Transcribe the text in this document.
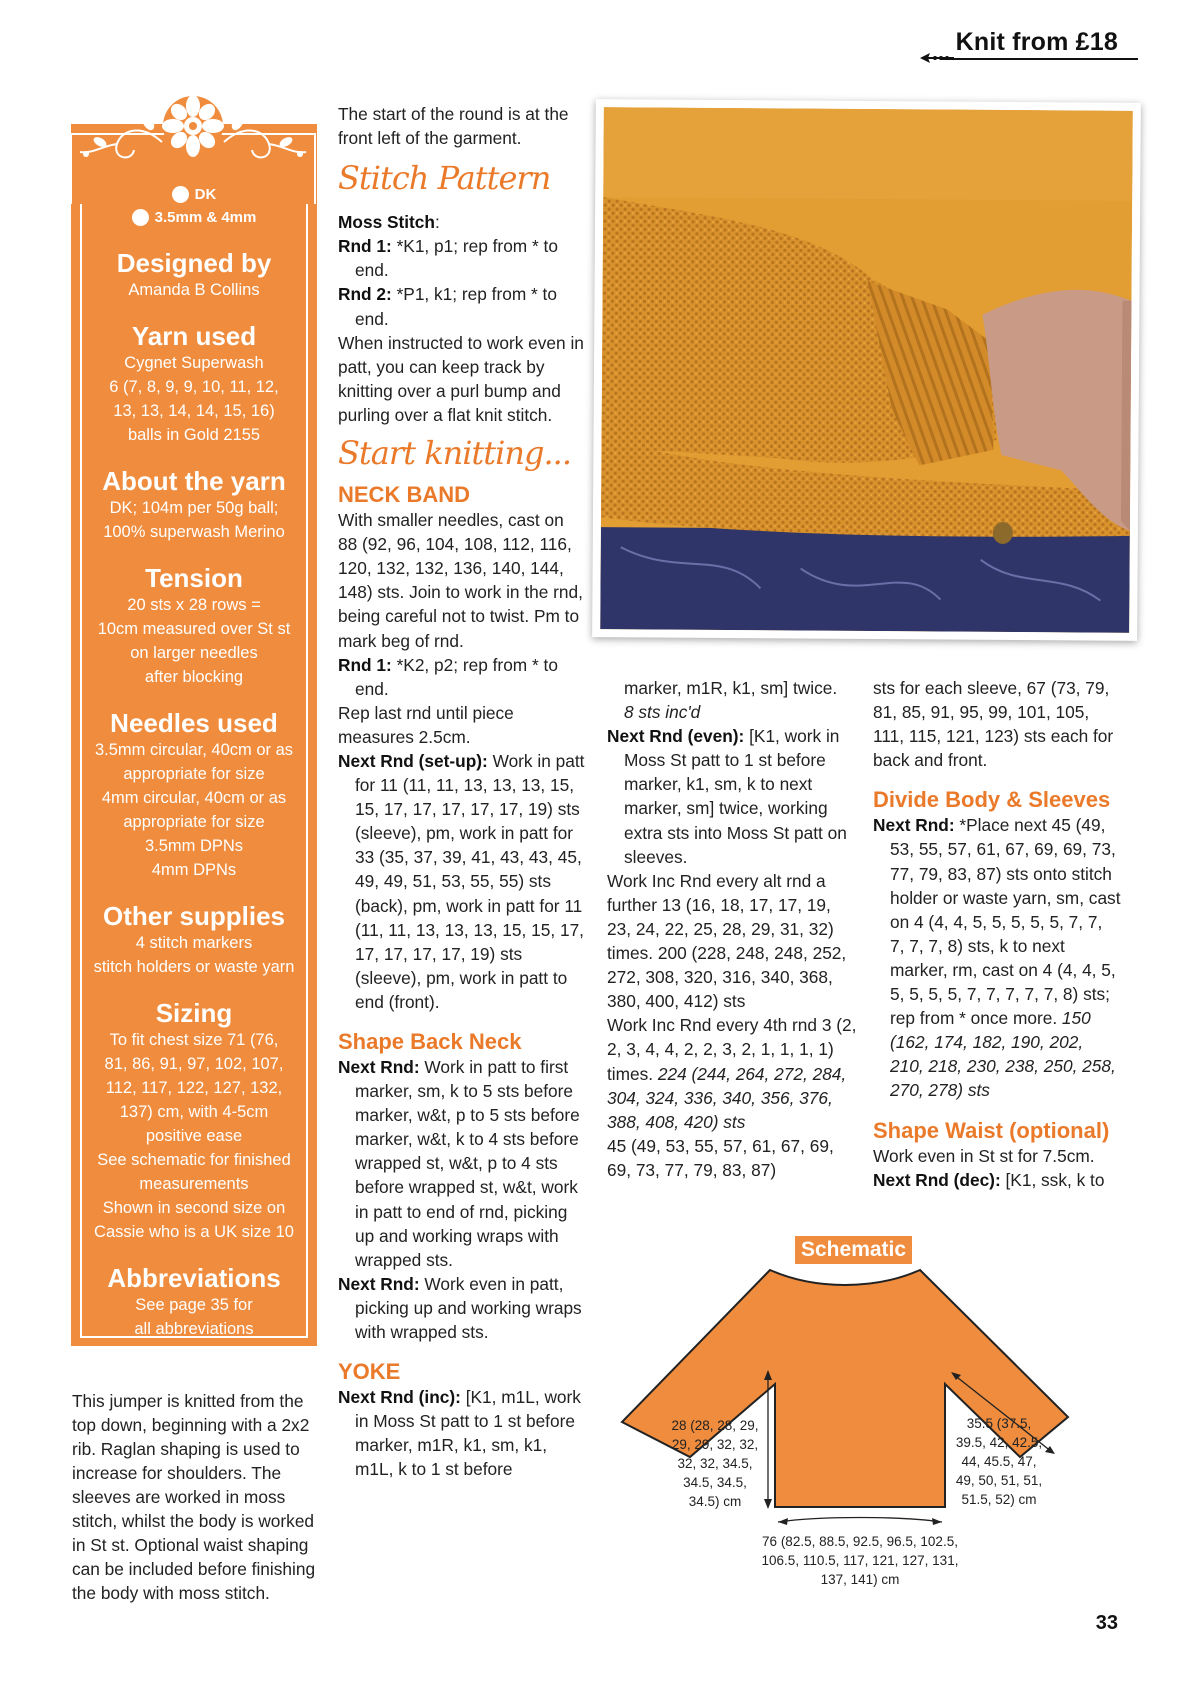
Knit from £18
DK
3.5mm & 4mm
Designed by
Amanda B Collins
Yarn used
Cygnet Superwash
6 (7, 8, 9, 9, 10, 11, 12,
13, 13, 14, 14, 15, 16)
balls in Gold 2155
About the yarn
DK; 104m per 50g ball;
100% superwash Merino
Tension
20 sts x 28 rows =
10cm measured over St st
on larger needles
after blocking
Needles used
3.5mm circular, 40cm or as
appropriate for size
4mm circular, 40cm or as
appropriate for size
3.5mm DPNs
4mm DPNs
Other supplies
4 stitch markers
stitch holders or waste yarn
Sizing
To fit chest size 71 (76,
81, 86, 91, 97, 102, 107,
112, 117, 122, 127, 132,
137) cm, with 4-5cm
positive ease
See schematic for finished
measurements
Shown in second size on
Cassie who is a UK size 10
Abbreviations
See page 35 for
all abbreviations

This jumper is knitted from the top down, beginning with a 2x2 rib. Raglan shaping is used to increase for shoulders. The sleeves are worked in moss stitch, whilst the body is worked in St st. Optional waist shaping can be included before finishing the body with moss stitch.

The start of the round is at the front left of the garment.

Stitch Pattern

Moss Stitch:

Rnd 1: *K1, p1; rep from * to end.

Rnd 2: *P1, k1; rep from * to end.

When instructed to work even in patt, you can keep track by knitting over a purl bump and purling over a flat knit stitch.

Start knitting...

NECK BAND

With smaller needles, cast on 88 (92, 96, 104, 108, 112, 116, 120, 132, 132, 136, 140, 144, 148) sts. Join to work in the rnd, being careful not to twist. Pm to mark beg of rnd.

Rnd 1: *K2, p2; rep from * to end.

Rep last rnd until piece measures 2.5cm.

Next Rnd (set-up): Work in patt for 11 (11, 11, 13, 13, 13, 15, 15, 17, 17, 17, 17, 17, 19) sts (sleeve), pm, work in patt for 33 (35, 37, 39, 41, 43, 43, 45, 49, 49, 51, 53, 55, 55) sts (back), pm, work in patt for 11 (11, 11, 13, 13, 13, 15, 15, 17, 17, 17, 17, 17, 19) sts (sleeve), pm, work in patt to end (front).

Shape Back Neck

Next Rnd: Work in patt to first marker, sm, k to 5 sts before marker, w&t, p to 5 sts before marker, w&t, k to 4 sts before wrapped st, w&t, p to 4 sts before wrapped st, w&t, work in patt to end of rnd, picking up and working wraps with wrapped sts.

Next Rnd: Work even in patt, picking up and working wraps with wrapped sts.

YOKE

Next Rnd (inc): [K1, m1L, work in Moss St patt to 1 st before marker, m1R, k1, sm, k1, m1L, k to 1 st before

marker, m1R, k1, sm] twice.

8 sts inc'd

Next Rnd (even): [K1, work in Moss St patt to 1 st before marker, k1, sm, k to next marker, sm] twice, working extra sts into Moss St patt on sleeves.

Work Inc Rnd every alt rnd a further 13 (16, 18, 17, 17, 19, 23, 24, 22, 25, 28, 29, 31, 32) times. 200 (228, 248, 248, 252, 272, 308, 320, 316, 340, 368, 380, 400, 412) sts

Work Inc Rnd every 4th rnd 3 (2, 2, 3, 4, 4, 2, 2, 3, 2, 1, 1, 1, 1) times. 224 (244, 264, 272, 284, 304, 324, 336, 340, 356, 376, 388, 408, 420) sts

45 (49, 53, 55, 57, 61, 67, 69, 69, 73, 77, 79, 83, 87)

sts for each sleeve, 67 (73, 79, 81, 85, 91, 95, 99, 101, 105, 111, 115, 121, 123) sts each for back and front.

Divide Body & Sleeves

Next Rnd: *Place next 45 (49, 53, 55, 57, 61, 67, 69, 69, 73, 77, 79, 83, 87) sts onto stitch holder or waste yarn, sm, cast on 4 (4, 4, 5, 5, 5, 5, 5, 7, 7, 7, 7, 7, 8) sts, k to next marker, rm, cast on 4 (4, 4, 5, 5, 5, 5, 5, 7, 7, 7, 7, 7, 8) sts; rep from * once more. 150 (162, 174, 182, 190, 202, 210, 218, 230, 238, 250, 258, 270, 278) sts

Shape Waist (optional)

Work even in St st for 7.5cm.

Next Rnd (dec): [K1, ssk, k to

Schematic
28 (28, 28, 29,
29, 29, 32, 32,
32, 32, 34.5,
34.5, 34.5,
34.5) cm
35.5 (37.5,
39.5, 42, 42.5,
44, 45.5, 47,
49, 50, 51, 51,
51.5, 52) cm
76 (82.5, 88.5, 92.5, 96.5, 102.5,
106.5, 110.5, 117, 121, 127, 131,
137, 141) cm
33
